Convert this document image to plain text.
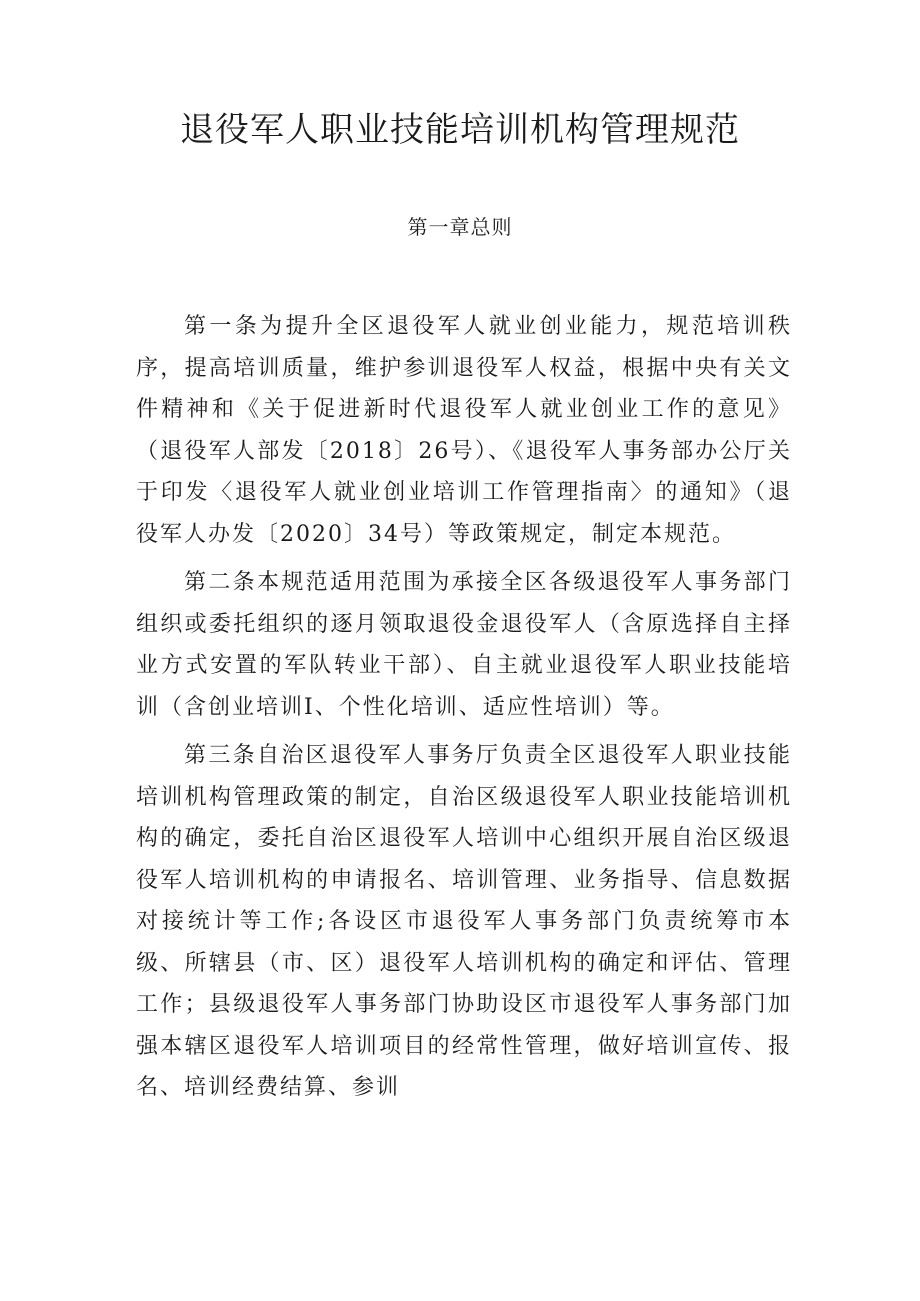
退役军人职业技能培训机构管理规范
第一章总则

第一条为提升全区退役军人就业创业能力，规范培训秩序，提高培训质量，维护参训退役军人权益，根据中央有关文件精神和《关于促进新时代退役军人就业创业工作的意见》（退役军人部发〔2018〕26号）、《退役军人事务部办公厅关于印发〈退役军人就业创业培训工作管理指南〉的通知》（退役军人办发〔2020〕34号）等政策规定，制定本规范。

第二条本规范适用范围为承接全区各级退役军人事务部门组织或委托组织的逐月领取退役金退役军人（含原选择自主择业方式安置的军队转业干部）、自主就业退役军人职业技能培训（含创业培训I、个性化培训、适应性培训）等。

第三条自治区退役军人事务厅负责全区退役军人职业技能培训机构管理政策的制定，自治区级退役军人职业技能培训机构的确定，委托自治区退役军人培训中心组织开展自治区级退役军人培训机构的申请报名、培训管理、业务指导、信息数据对接统计等工作;各设区市退役军人事务部门负责统筹市本级、所辖县（市、区）退役军人培训机构的确定和评估、管理工作；县级退役军人事务部门协助设区市退役军人事务部门加强本辖区退役军人培训项目的经常性管理，做好培训宣传、报名、培训经费结算、参训
